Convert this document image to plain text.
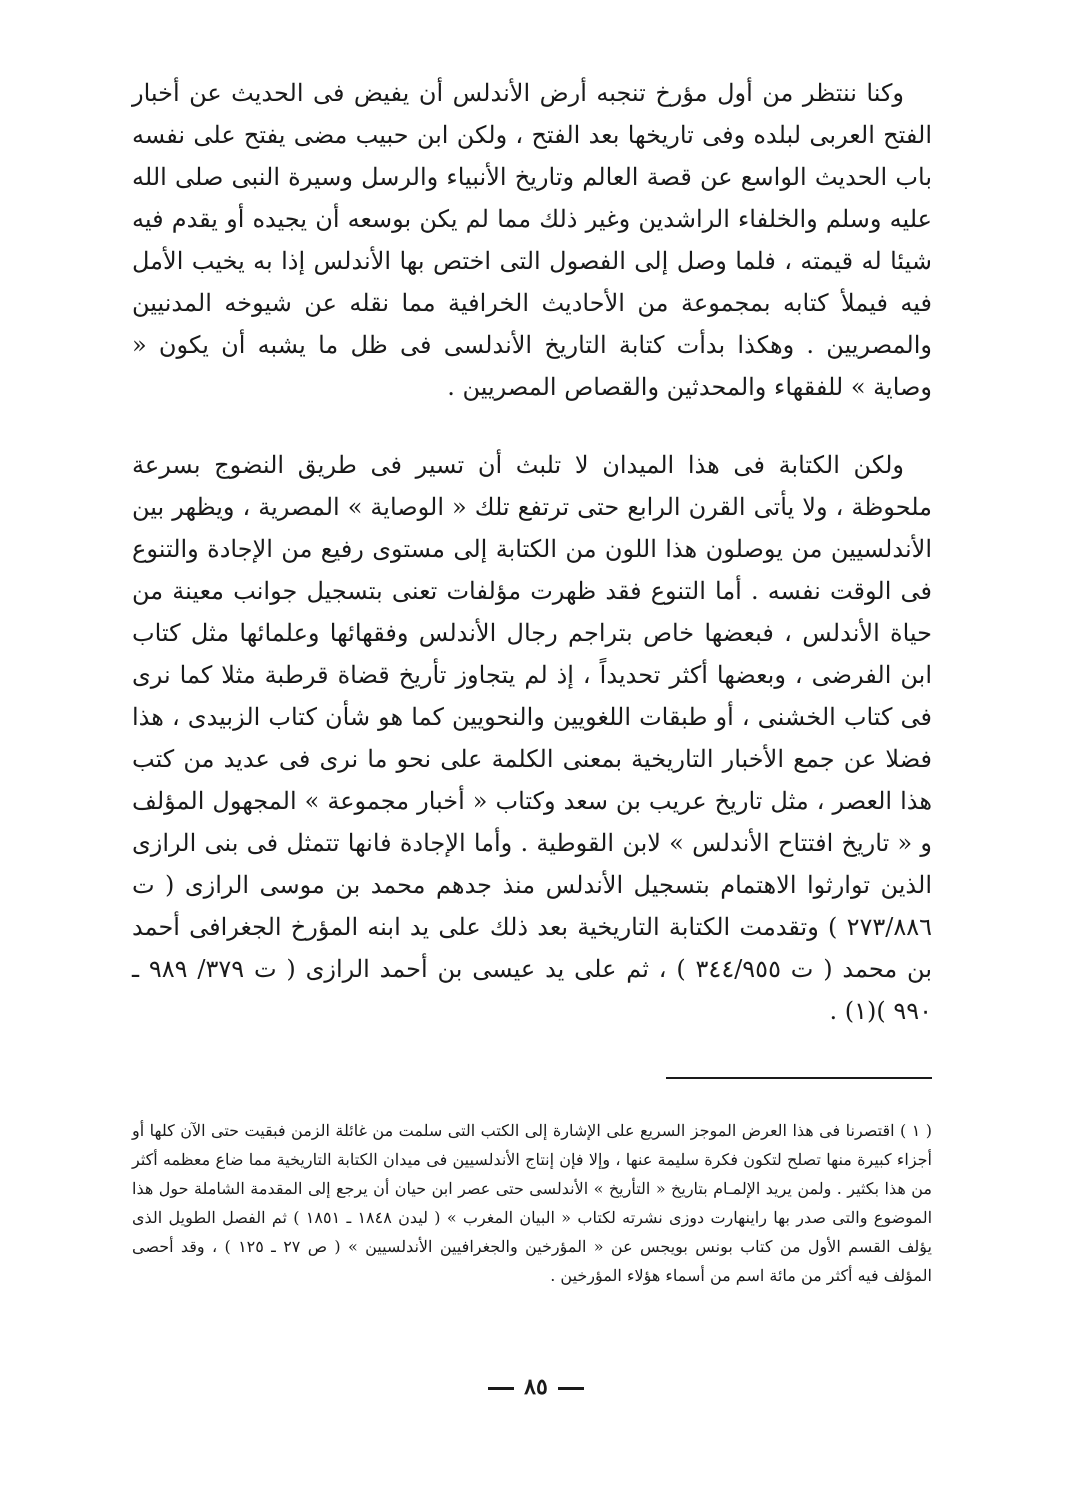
وكنا ننتظر من أول مؤرخ تنجبه أرض الأندلس أن يفيض فى الحديث عن أخبار الفتح العربى لبلده وفى تاريخها بعد الفتح ، ولكن ابن حبيب مضى يفتح على نفسه باب الحديث الواسع عن قصة العالم وتاريخ الأنبياء والرسل وسيرة النبى صلى الله عليه وسلم والخلفاء الراشدين وغير ذلك مما لم يكن بوسعه أن يجيده أو يقدم فيه شيئا له قيمته ، فلما وصل إلى الفصول التى اختص بها الأندلس إذا به يخيب الأمل فيه فيملأ كتابه بمجموعة من الأحاديث الخرافية مما نقله عن شيوخه المدنيين والمصريين . وهكذا بدأت كتابة التاريخ الأندلسى فى ظل ما يشبه أن يكون « وصاية » للفقهاء والمحدثين والقصاص المصريين .

ولكن الكتابة فى هذا الميدان لا تلبث أن تسير فى طريق النضوج بسرعة ملحوظة ، ولا يأتى القرن الرابع حتى ترتفع تلك « الوصاية » المصرية ، ويظهر بين الأندلسيين من يوصلون هذا اللون من الكتابة إلى مستوى رفيع من الإجادة والتنوع فى الوقت نفسه . أما التنوع فقد ظهرت مؤلفات تعنى بتسجيل جوانب معينة من حياة الأندلس ، فبعضها خاص بتراجم رجال الأندلس وفقهائها وعلمائها مثل كتاب ابن الفرضى ، وبعضها أكثر تحديداً ، إذ لم يتجاوز تأريخ قضاة قرطبة مثلا كما نرى فى كتاب الخشنى ، أو طبقات اللغويين والنحويين كما هو شأن كتاب الزبيدى ، هذا فضلا عن جمع الأخبار التاريخية بمعنى الكلمة على نحو ما نرى فى عديد من كتب هذا العصر ، مثل تاريخ عريب بن سعد وكتاب « أخبار مجموعة » المجهول المؤلف و « تاريخ افتتاح الأندلس » لابن القوطية . وأما الإجادة فانها تتمثل فى بنى الرازى الذين توارثوا الاهتمام بتسجيل الأندلس منذ جدهم محمد بن موسى الرازى ( ت ٢٧٣/٨٨٦ ) وتقدمت الكتابة التاريخية بعد ذلك على يد ابنه المؤرخ الجغرافى أحمد بن محمد ( ت ٣٤٤/٩٥٥ ) ، ثم على يد عيسى بن أحمد الرازى ( ت ٣٧٩/ ٩٨٩ ـ ٩٩٠ )(١) .

( ١ ) اقتصرنا فى هذا العرض الموجز السريع على الإشارة إلى الكتب التى سلمت من غائلة الزمن فبقيت حتى الآن كلها أو أجزاء كبيرة منها تصلح لتكون فكرة سليمة عنها ، وإلا فإن إنتاج الأندلسيين فى ميدان الكتابة التاريخية مما ضاع معظمه أكثر من هذا بكثير . ولمن يريد الإلمـام بتاريخ « التأريخ » الأندلسى حتى عصر ابن حيان أن يرجع إلى المقدمة الشاملة حول هذا الموضوع والتى صدر بها راينهارت دوزى نشرته لكتاب « البيان المغرب » ( ليدن ١٨٤٨ ـ ١٨٥١ ) ثم الفصل الطويل الذى يؤلف القسم الأول من كتاب بونس بويجس عن « المؤرخين والجغرافيين الأندلسيين » ( ص ٢٧ ـ ١٢٥ ) ، وقد أحصى المؤلف فيه أكثر من مائة اسم من أسماء هؤلاء المؤرخين .

٨٥
